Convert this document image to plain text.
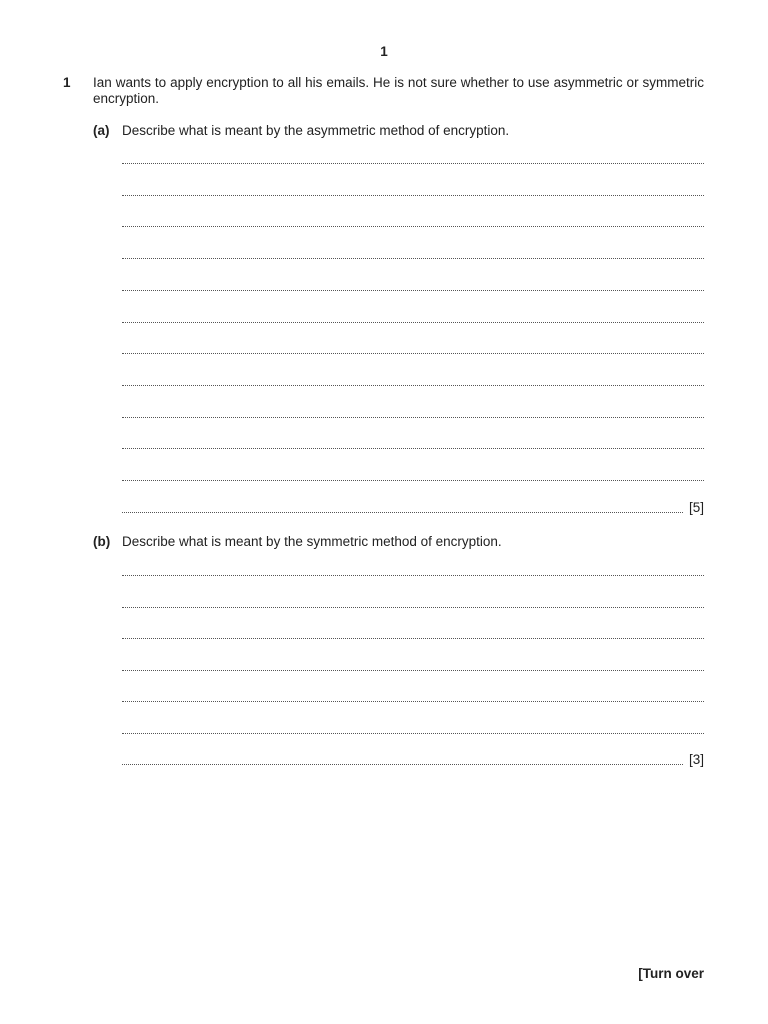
1
1 Ian wants to apply encryption to all his emails. He is not sure whether to use asymmetric or symmetric encryption.
(a) Describe what is meant by the asymmetric method of encryption.
[5]
(b) Describe what is meant by the symmetric method of encryption.
[3]
[Turn over
